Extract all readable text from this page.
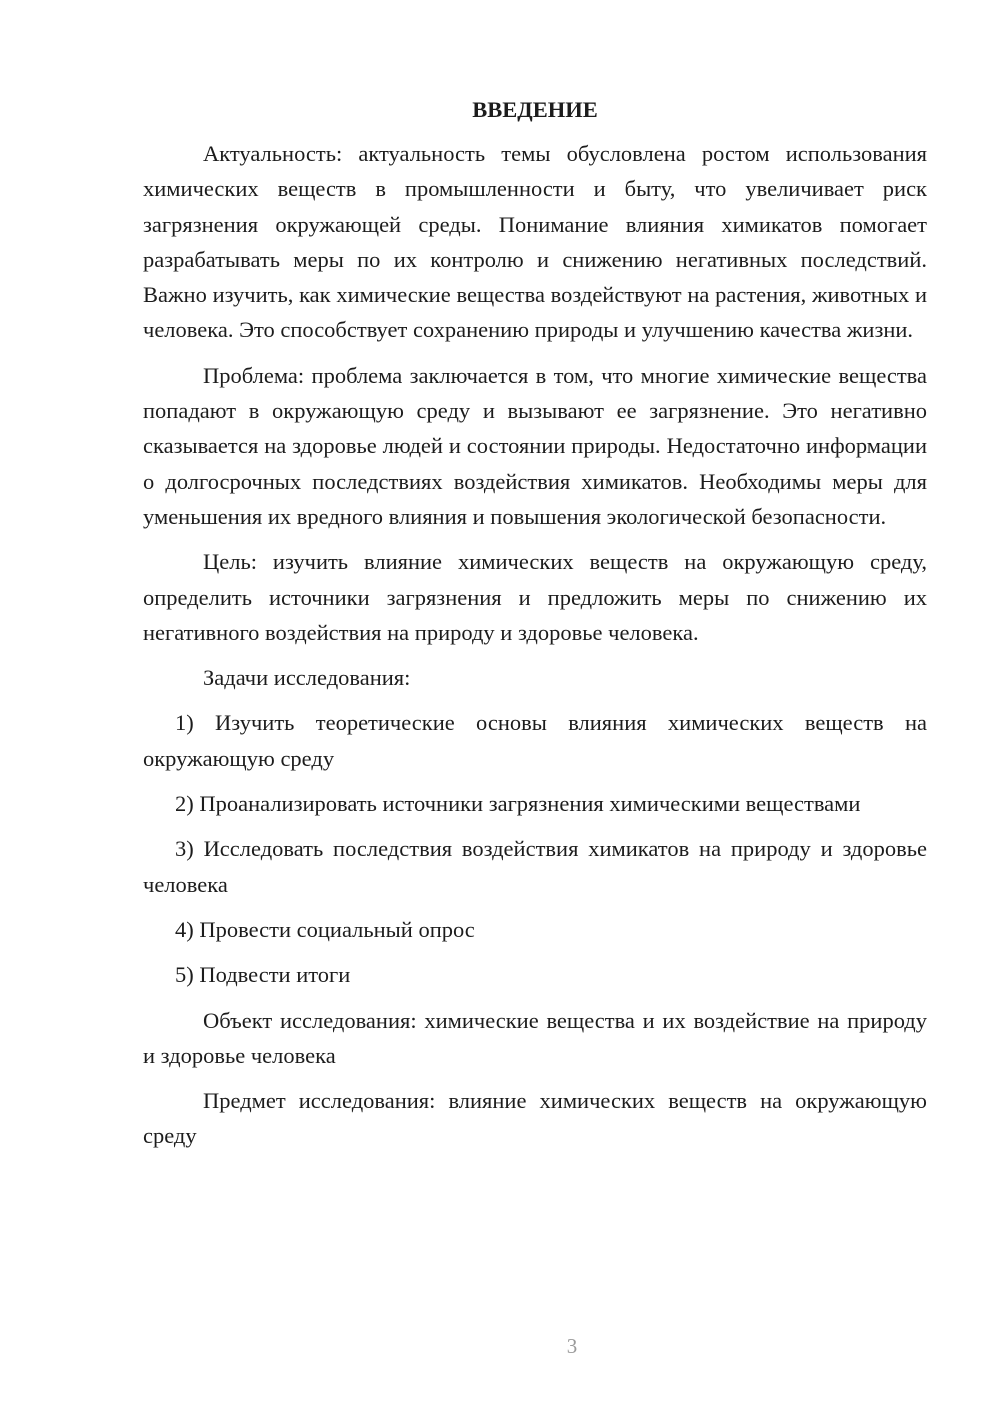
ВВЕДЕНИЕ

Актуальность: актуальность темы обусловлена ростом использования химических веществ в промышленности и быту, что увеличивает риск загрязнения окружающей среды. Понимание влияния химикатов помогает разрабатывать меры по их контролю и снижению негативных последствий. Важно изучить, как химические вещества воздействуют на растения, животных и человека. Это способствует сохранению природы и улучшению качества жизни.

Проблема: проблема заключается в том, что многие химические вещества попадают в окружающую среду и вызывают ее загрязнение. Это негативно сказывается на здоровье людей и состоянии природы. Недостаточно информации о долгосрочных последствиях воздействия химикатов. Необходимы меры для уменьшения их вредного влияния и повышения экологической безопасности.

Цель: изучить влияние химических веществ на окружающую среду, определить источники загрязнения и предложить меры по снижению их негативного воздействия на природу и здоровье человека.

Задачи исследования:

1) Изучить теоретические основы влияния химических веществ на окружающую среду

2) Проанализировать источники загрязнения химическими веществами

3) Исследовать последствия воздействия химикатов на природу и здоровье человека

4) Провести социальный опрос

5) Подвести итоги

Объект исследования: химические вещества и их воздействие на природу и здоровье человека

Предмет исследования: влияние химических веществ на окружающую среду

3
